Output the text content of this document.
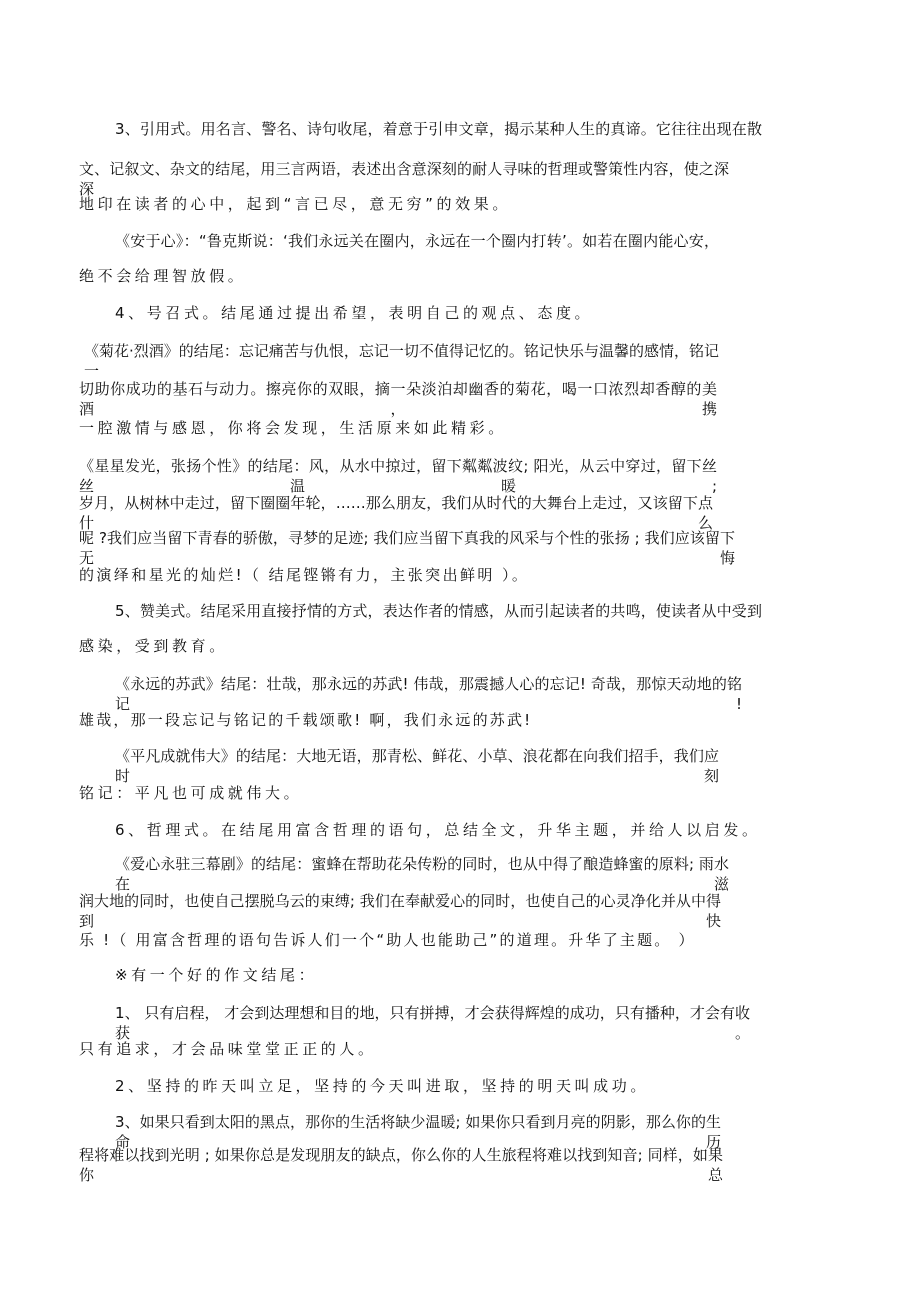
3、引用式。用名言、警名、诗句收尾，着意于引申文章，揭示某种人生的真谛。它往往出现在散
文、记叙文、杂文的结尾，用三言两语，表述出含意深刻的耐人寻味的哲理或警策性内容，使之深深
地印在读者的心中，起到“言已尽，意无穷”的效果。
《安于心》：“鲁克斯说：‘我们永远关在圈内，永远在一个圈内打转’。如若在圈内能心安，
绝不会给理智放假。
4、号召式。结尾通过提出希望，表明自己的观点、态度。
《菊花·烈酒》的结尾：忘记痛苦与仇恨，忘记一切不值得记忆的。铭记快乐与温馨的感情，铭记一
切助你成功的基石与动力。擦亮你的双眼，摘一朵淡泊却幽香的菊花，喝一口浓烈却香醇的美酒，携
一腔激情与感恩，你将会发现，生活原来如此精彩。
《星星发光，张扬个性》的结尾：风，从水中掠过，留下粼粼波纹; 阳光，从云中穿过，留下丝丝温暖;
岁月，从树林中走过，留下圈圈年轮，……那么朋友，我们从时代的大舞台上走过，又该留下点什么
呢 ?我们应当留下青春的骄傲，寻梦的足迹; 我们应当留下真我的风采与个性的张扬 ; 我们应该留下无悔
的演绎和星光的灿烂!（ 结尾铿锵有力，主张突出鲜明 ）。
5、赞美式。结尾采用直接抒情的方式，表达作者的情感，从而引起读者的共鸣，使读者从中受到
感染，受到教育。
《永远的苏武》结尾：壮哉，那永远的苏武! 伟哉，那震撼人心的忘记! 奇哉，那惊天动地的铭记!
雄哉，那一段忘记与铭记的千载颂歌! 啊，我们永远的苏武!
《平凡成就伟大》的结尾：大地无语，那青松、鲜花、小草、浪花都在向我们招手，我们应时刻
铭记：平凡也可成就伟大。
6、哲理式。在结尾用富含哲理的语句，总结全文，升华主题，并给人以启发。
《爱心永驻三幕剧》的结尾：蜜蜂在帮助花朵传粉的同时，也从中得了酿造蜂蜜的原料; 雨水在滋
润大地的同时，也使自己摆脱乌云的束缚; 我们在奉献爱心的同时，也使自己的心灵净化并从中得到快
乐 !（ 用富含哲理的语句告诉人们一个“助人也能助己”的道理。升华了主题。 ）
※有一个好的作文结尾：
1、 只有启程， 才会到达理想和目的地，只有拼搏，才会获得辉煌的成功，只有播种，才会有收获。
只有追求，才会品味堂堂正正的人。
2、坚持的昨天叫立足，坚持的今天叫进取，坚持的明天叫成功。
3、如果只看到太阳的黑点，那你的生活将缺少温暖; 如果你只看到月亮的阴影，那么你的生命历
程将难以找到光明 ; 如果你总是发现朋友的缺点，你么你的人生旅程将难以找到知音; 同样，如果你总
